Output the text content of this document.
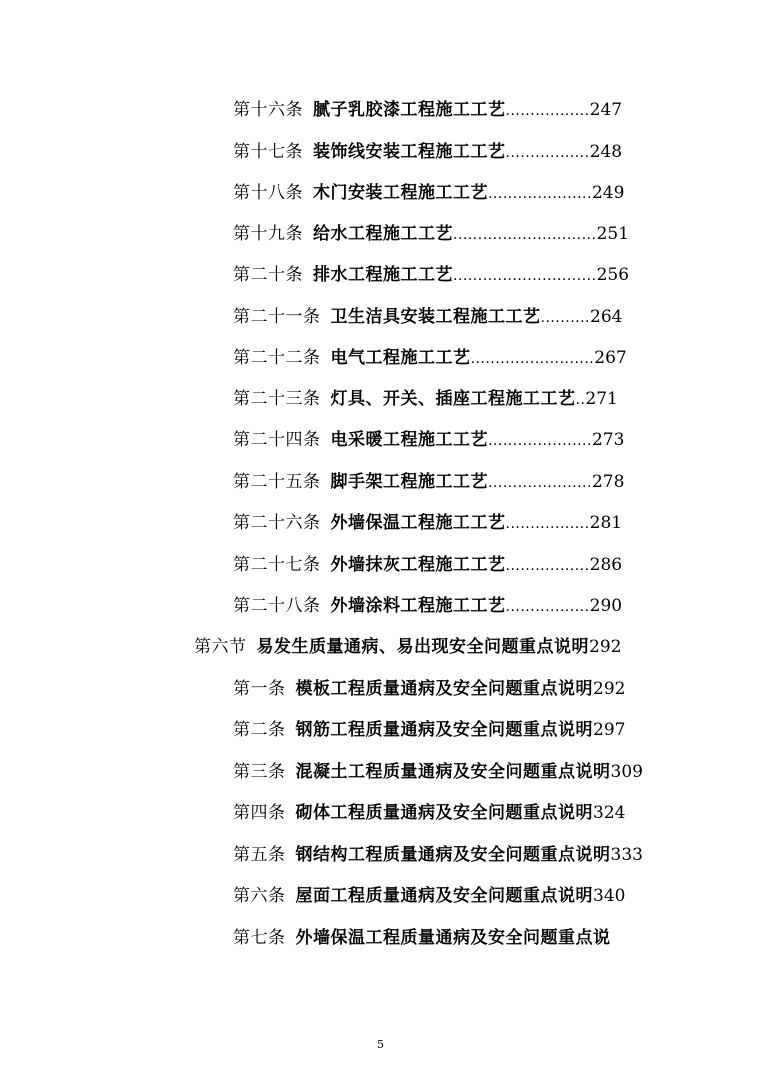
第十六条 腻子乳胶漆工程施工工艺.................247
第十七条 装饰线安装工程施工工艺.................248
第十八条 木门安装工程施工工艺.....................249
第十九条 给水工程施工工艺.............................251
第二十条 排水工程施工工艺.............................256
第二十一条 卫生洁具安装工程施工工艺..........264
第二十二条 电气工程施工工艺.........................267
第二十三条 灯具、开关、插座工程施工工艺..271
第二十四条 电采暖工程施工工艺.....................273
第二十五条 脚手架工程施工工艺.....................278
第二十六条 外墙保温工程施工工艺.................281
第二十七条 外墙抹灰工程施工工艺.................286
第二十八条 外墙涂料工程施工工艺.................290
第六节 易发生质量通病、易出现安全问题重点说明292
第一条 模板工程质量通病及安全问题重点说明292
第二条 钢筋工程质量通病及安全问题重点说明297
第三条 混凝土工程质量通病及安全问题重点说明309
第四条 砌体工程质量通病及安全问题重点说明324
第五条 钢结构工程质量通病及安全问题重点说明333
第六条 屋面工程质量通病及安全问题重点说明340
第七条 外墙保温工程质量通病及安全问题重点说
5
